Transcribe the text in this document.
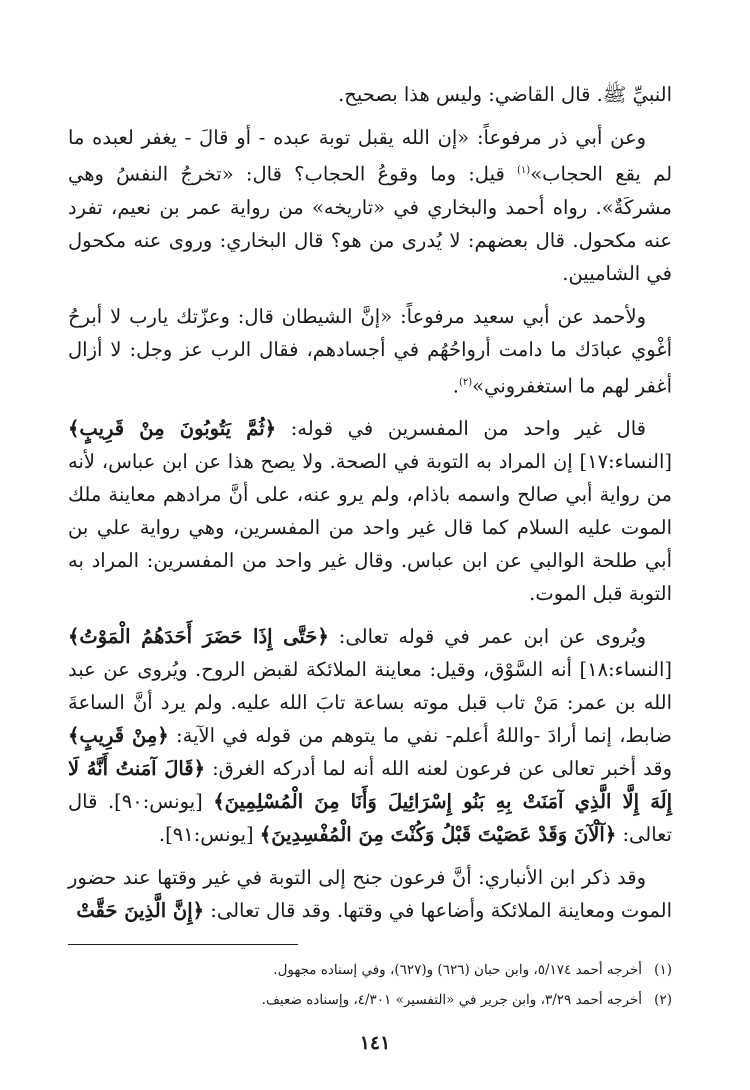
النبيِّ ﷺ. قال القاضي: وليس هذا بصحيح.

وعن أبي ذر مرفوعاً: «إن الله يقبل توبة عبده - أو قالَ - يغفر لعبده ما لم يقع الحجاب»$^{(١)}$ قيل: وما وقوعُ الحجاب؟ قال: «تخرجُ النفسُ وهي مشركَةٌ». رواه أحمد والبخاري في «تاريخه» من رواية عمر بن نعيم، تفرد عنه مكحول. قال بعضهم: لا يُدرى من هو؟ قال البخاري: وروى عنه مكحول في الشاميين.

ولأحمد عن أبي سعيد مرفوعاً: «إنَّ الشيطان قال: وعزّتك يارب لا أبرحُ أغْوي عبادَك ما دامت أرواحُهُم في أجسادهم، فقال الرب عز وجل: لا أزال أغفر لهم ما استغفروني»$^{(٢)}$.

قال غير واحد من المفسرين في قوله: ﴿ثُمَّ يَتُوبُونَ مِنْ قَرِيبٍ﴾ [النساء:١٧] إن المراد به التوبة في الصحة. ولا يصح هذا عن ابن عباس، لأنه من رواية أبي صالح واسمه باذام، ولم يرو عنه، على أنَّ مرادهم معاينة ملك الموت عليه السلام كما قال غير واحد من المفسرين، وهي رواية علي بن أبي طلحة الوالبي عن ابن عباس. وقال غير واحد من المفسرين: المراد به التوبة قبل الموت.

ويُروى عن ابن عمر في قوله تعالى: ﴿حَتَّى إِذَا حَضَرَ أَحَدَهُمُ الْمَوْتُ﴾ [النساء:١٨] أنه السَّوْق، وقيل: معاينة الملائكة لقبض الروح. ويُروى عن عبد الله بن عمر: مَنْ تاب قبل موته بساعة تابَ الله عليه. ولم يرد أنَّ الساعةَ ضابط، إنما أرادَ -واللهُ أعلم- نفي ما يتوهم من قوله في الآية: ﴿مِنْ قَرِيبٍ﴾ وقد أخبر تعالى عن فرعون لعنه الله أنه لما أدركه الغرق: ﴿قَالَ آمَنتُ أَنَّهُ لَا إِلَهَ إِلَّا الَّذِي آمَنَتْ بِهِ بَنُو إِسْرَائِيلَ وَأَنَا مِنَ الْمُسْلِمِينَ﴾ [يونس:٩٠]. قال تعالى: ﴿آلْآنَ وَقَدْ عَصَيْتَ قَبْلُ وَكُنْتَ مِنَ الْمُفْسِدِينَ﴾ [يونس:٩١].

وقد ذكر ابن الأنباري: أنَّ فرعون جنح إلى التوبة في غير وقتها عند حضور الموت ومعاينة الملائكة وأضاعها في وقتها. وقد قال تعالى: ﴿إِنَّ الَّذِينَ حَقَّتْ

(١)أخرجه أحمد ٥/١٧٤، وابن حبان (٦٢٦) و(٦٢٧)، وفي إسناده مجهول.
(٢)أخرجه أحمد ٣/٢٩، وابن جرير في «التفسير» ٤/٣٠١، وإسناده ضعيف.
١٤١
